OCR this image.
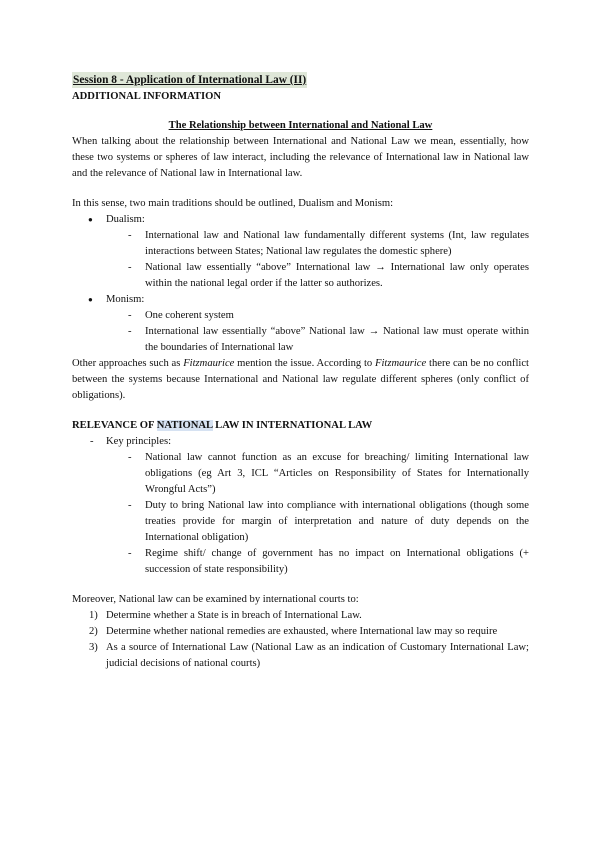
Session 8 - Application of International Law (II)

ADDITIONAL INFORMATION

The Relationship between International and National Law

When talking about the relationship between International and National Law we mean, essentially, how these two systems or spheres of law interact, including the relevance of International law in National law and the relevance of National law in International law.

In this sense, two main traditions should be outlined, Dualism and Monism:

● Dualism:
- International law and National law fundamentally different systems (Int, law regulates interactions between States; National law regulates the domestic sphere)
- National law essentially “above” International law → International law only operates within the national legal order if the latter so authorizes.
● Monism:
- One coherent system
- International law essentially “above” National law → National law must operate within the boundaries of International law

Other approaches such as Fitzmaurice mention the issue. According to Fitzmaurice there can be no conflict between the systems because International and National law regulate different spheres (only conflict of obligations).

RELEVANCE OF NATIONAL LAW IN INTERNATIONAL LAW

- Key principles:
- National law cannot function as an excuse for breaching/ limiting International law obligations (eg Art 3, ICL “Articles on Responsibility of States for Internationally Wrongful Acts”)
- Duty to bring National law into compliance with international obligations (though some treaties provide for margin of interpretation and nature of duty depends on the International obligation)
- Regime shift/ change of government has no impact on International obligations (+ succession of state responsibility)

Moreover, National law can be examined by international courts to:

1) Determine whether a State is in breach of International Law.
2) Determine whether national remedies are exhausted, where International law may so require
3) As a source of International Law (National Law as an indication of Customary International Law; judicial decisions of national courts)
